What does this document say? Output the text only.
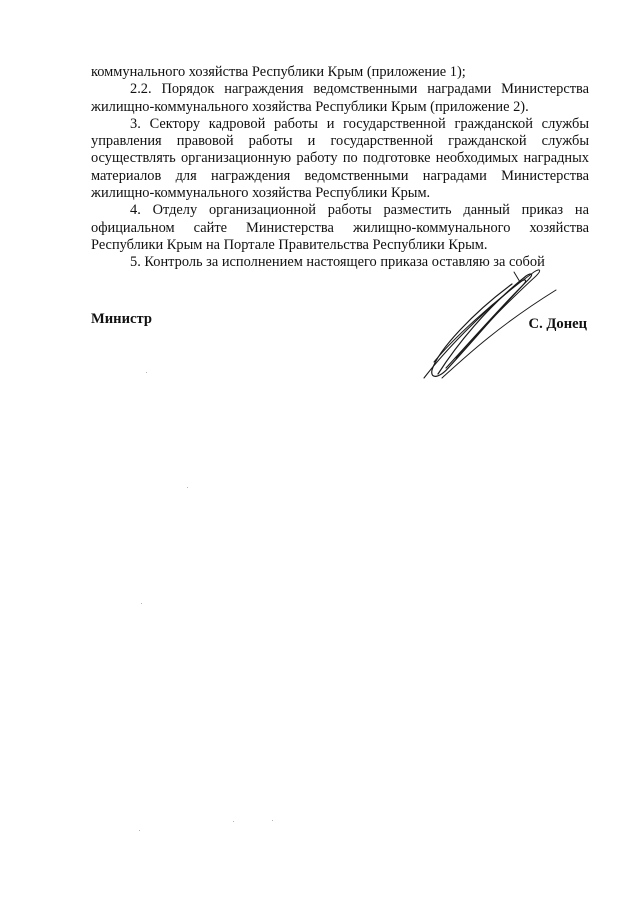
коммунального хозяйства Республики Крым (приложение 1);

2.2. Порядок награждения ведомственными наградами Министерства жилищно-коммунального хозяйства Республики Крым (приложение 2).

3. Сектору кадровой работы и государственной гражданской службы управления правовой работы и государственной гражданской службы осуществлять организационную работу по подготовке необходимых наградных материалов для награждения ведомственными наградами Министерства жилищно-коммунального хозяйства Республики Крым.

4. Отделу организационной работы разместить данный приказ на официальном сайте Министерства жилищно-коммунального хозяйства Республики Крым на Портале Правительства Республики Крым.

5. Контроль за исполнением настоящего приказа оставляю за собой

Министр	С. Донец
